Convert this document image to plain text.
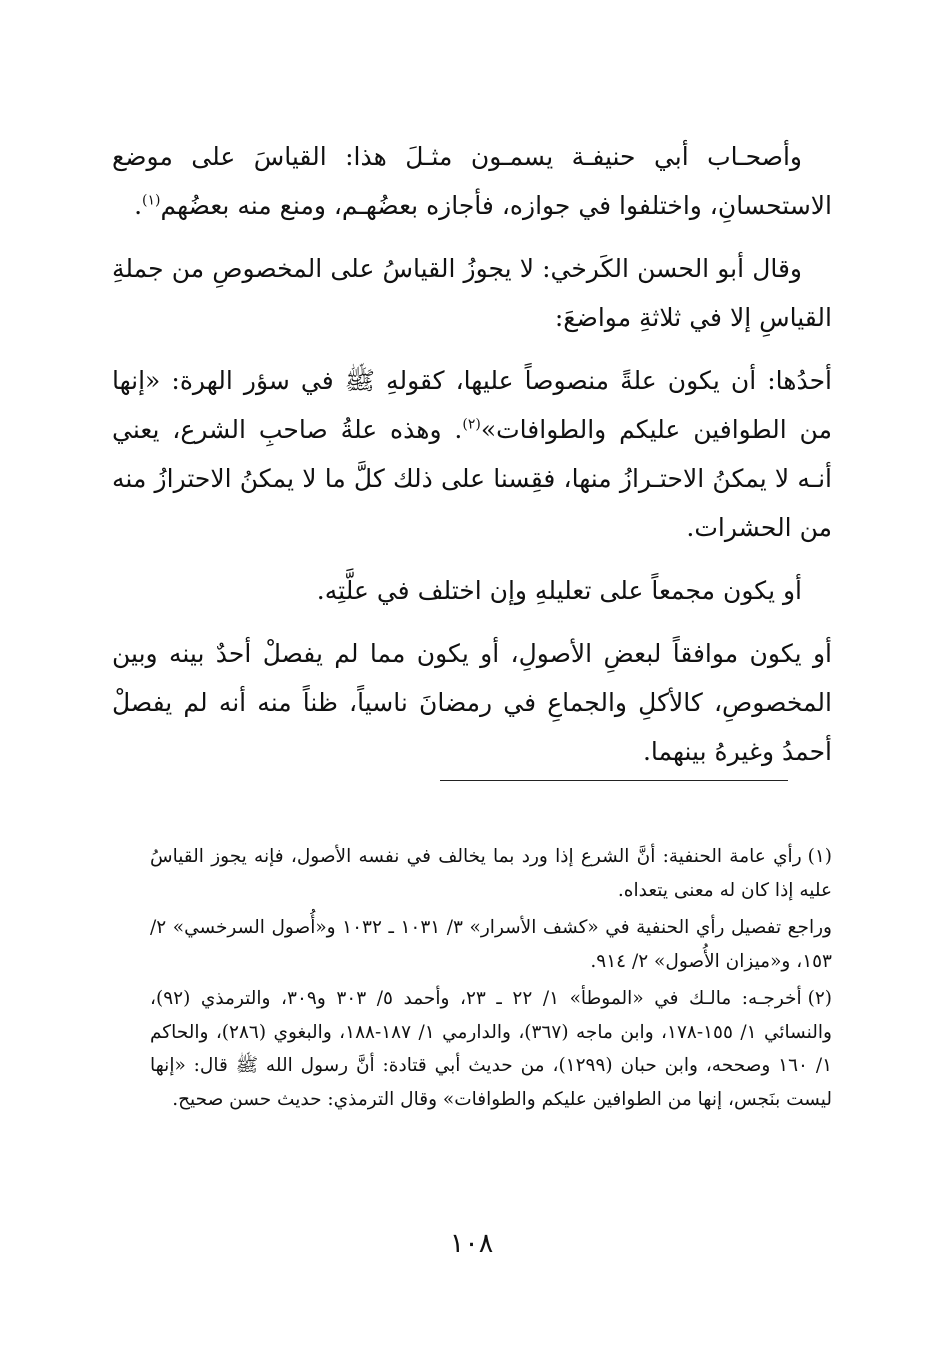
وأصحـاب أبي حنيفـة يسمـون مثـلَ هذا: القياسَ على موضع الاستحسانِ، واختلفوا في جوازه، فأجازه بعضُهـم، ومنع منه بعضُهم$^{(١)}$.

وقال أبو الحسن الكَرخي: لا يجوزُ القياسُ على المخصوصِ من جملةِ القياسِ إلا في ثلاثةِ مواضعَ:

أحدُها: أن يكون علةً منصوصاً عليها، كقولهِ ﷺ في سؤر الهرة: «إنها من الطوافين عليكم والطوافات»$^{(٢)}$. وهذه علةُ صاحبِ الشرع، يعني أنـه لا يمكنُ الاحتـرازُ منها، فقِسنا على ذلك كلَّ ما لا يمكنُ الاحترازُ منه من الحشرات.

أو يكون مجمعاً على تعليلهِ وإن اختلف في علَّتِه.

أو يكون موافقاً لبعضِ الأصولِ، أو يكون مما لم يفصلْ أحدٌ بينه وبين المخصوصِ، كالأكلِ والجماعِ في رمضانَ ناسياً، ظناً منه أنه لم يفصلْ أحمدُ وغيرهُ بينهما.

(١)رأي عامة الحنفية: أنَّ الشرع إذا ورد بما يخالف في نفسه الأصول، فإنه يجوز القياسُ عليه إذا كان له معنى يتعداه.
وراجع تفصيل رأي الحنفية في «كشف الأسرار» ٣/ ١٠٣١ ـ ١٠٣٢ و«أُصول السرخسي» ٢/ ١٥٣، و«ميزان الأُصول» ٢/ ٩١٤.
(٢)أخرجـه: مالـك في «الموطأ» ١/ ٢٢ ـ ٢٣، وأحمد ٥/ ٣٠٣ و٣٠٩، والترمذي (٩٢)، والنسائي ١/ ١٥٥-١٧٨، وابن ماجه (٣٦٧)، والدارمي ١/ ١٨٧-١٨٨، والبغوي (٢٨٦)، والحاكم ١/ ١٦٠ وصححه، وابن حبان (١٢٩٩)، من حديث أبي قتادة: أنَّ رسول الله ﷺ قال: «إنها ليست بنَجس، إنها من الطوافين عليكم والطوافات» وقال الترمذي: حديث حسن صحيح.
١٠٨
